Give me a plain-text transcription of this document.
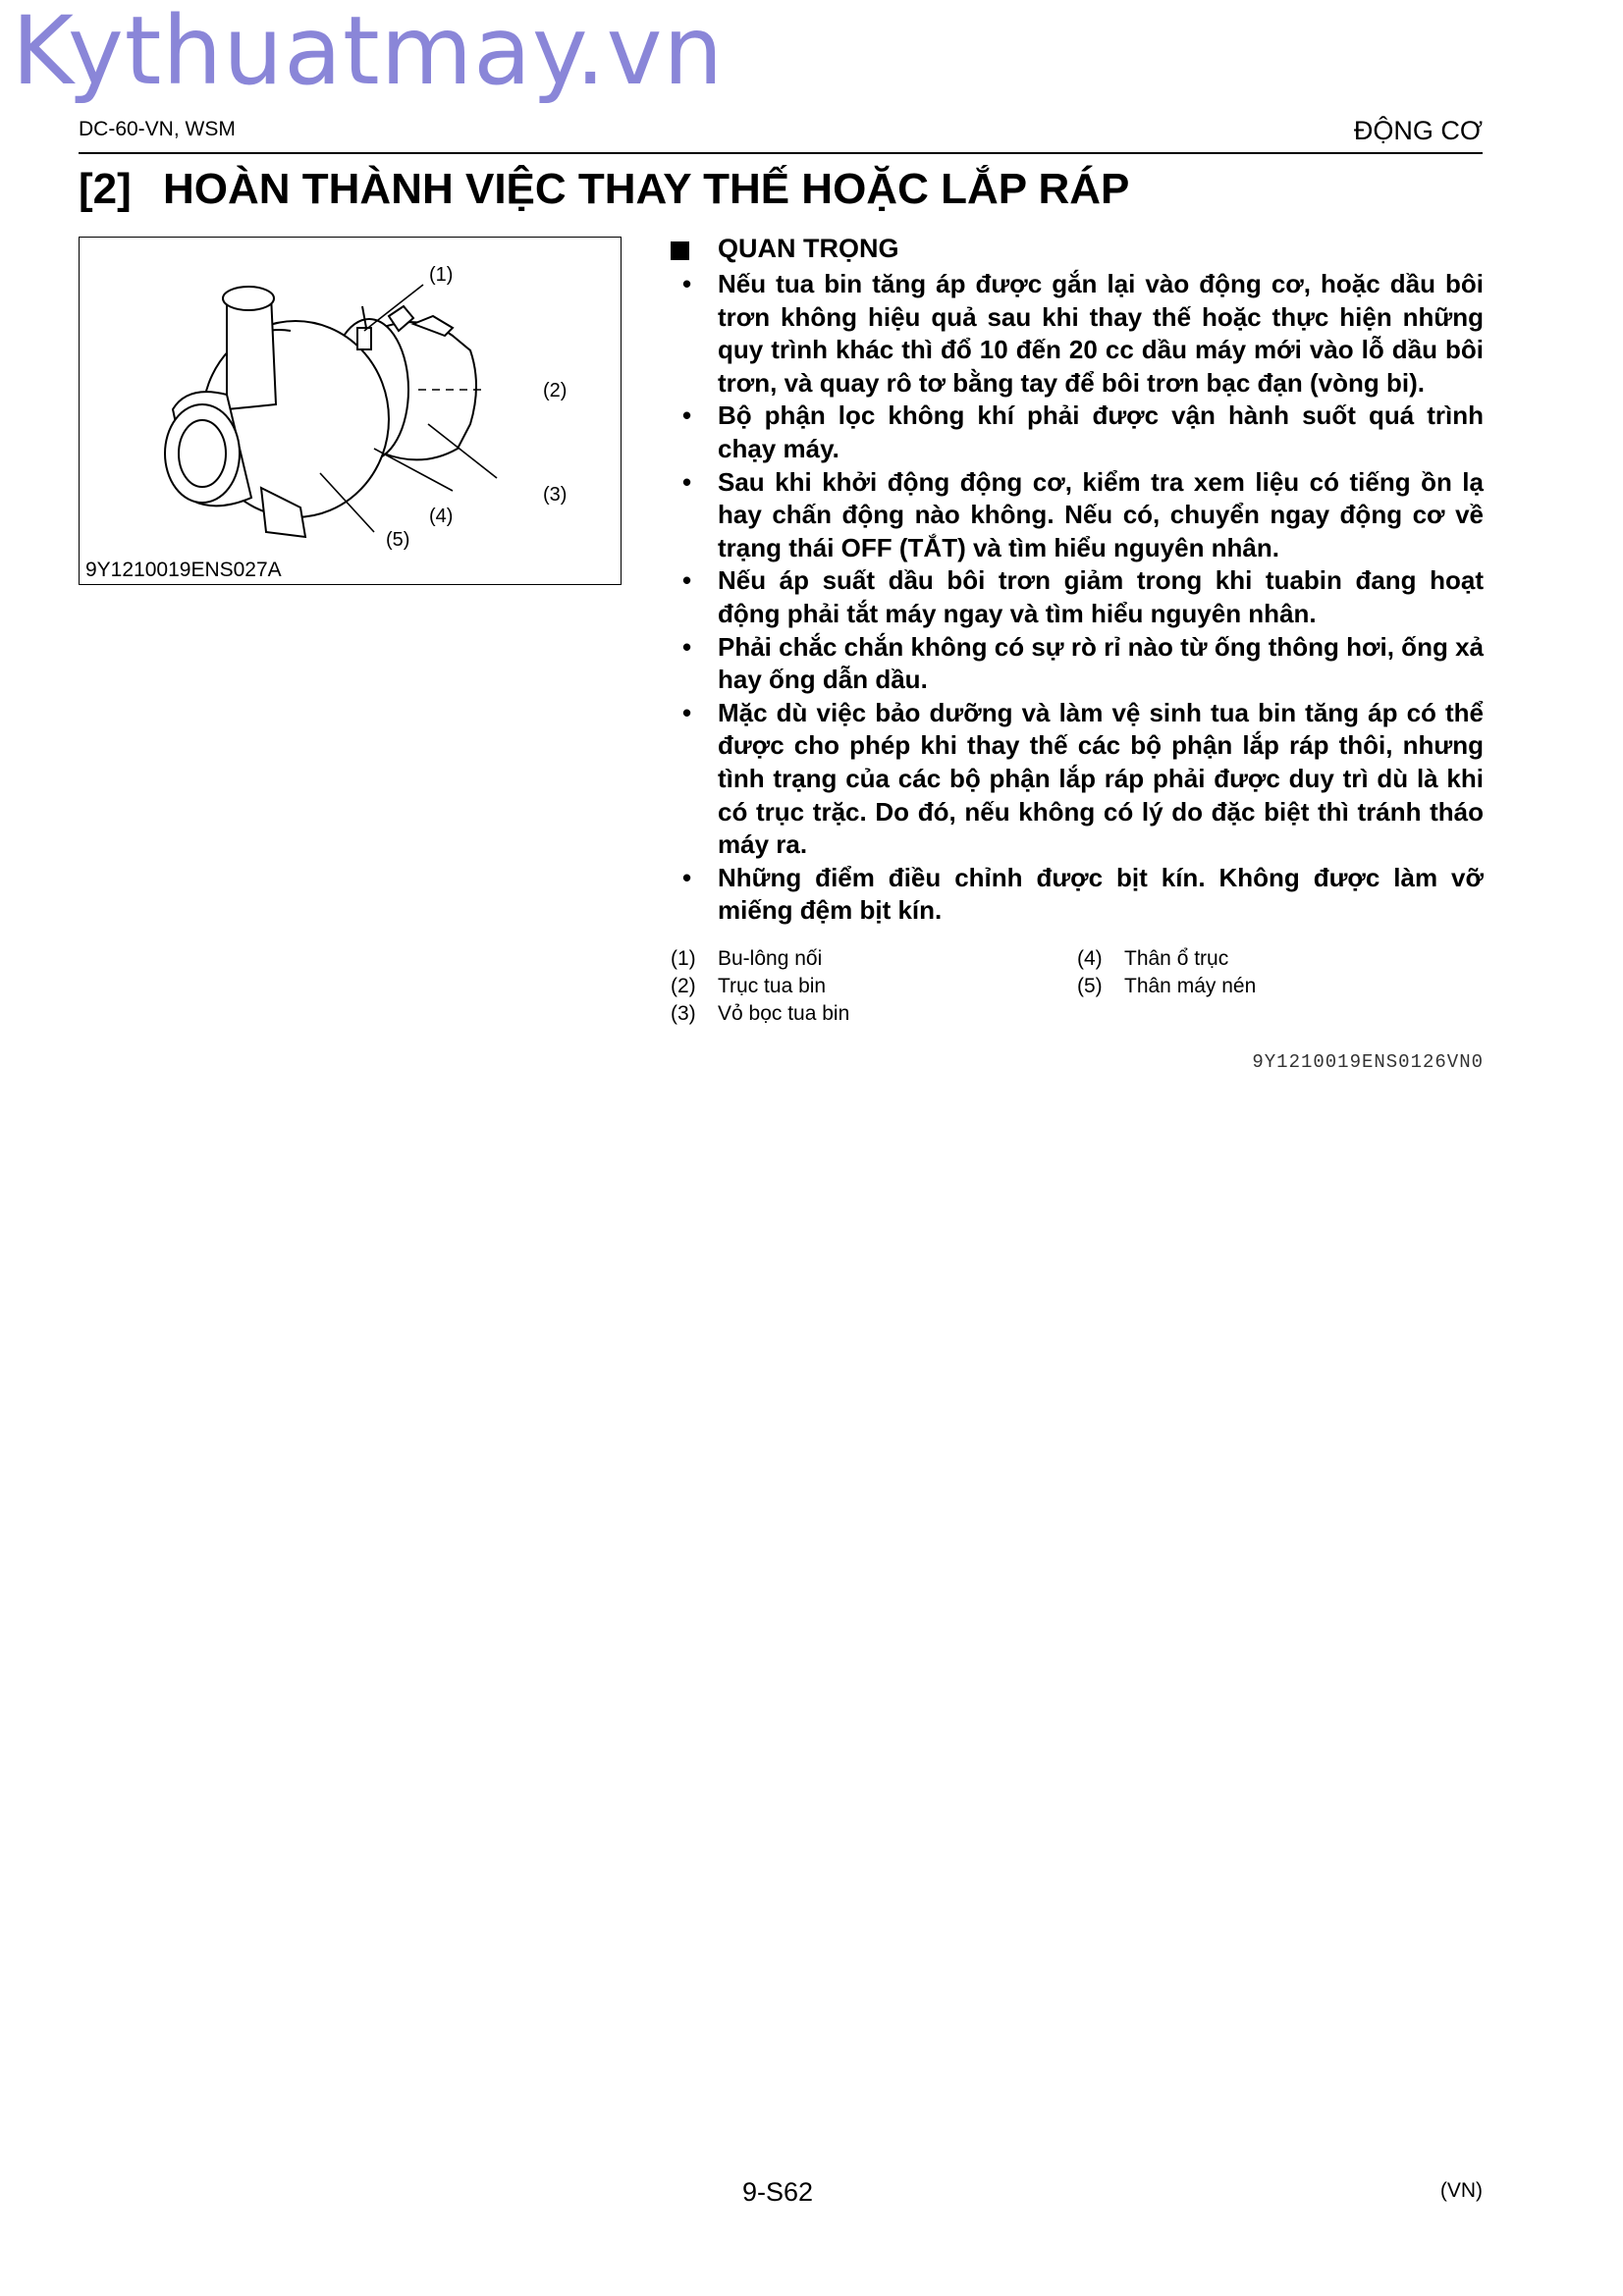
Kythuatmay.vn
DC-60-VN, WSM	ĐỘNG CƠ
[2] HOÀN THÀNH VIỆC THAY THẾ HOẶC LẮP RÁP
(1)
(2)
(3)
(4)
(5)
9Y1210019ENS027A
QUAN TRỌNG
• Nếu tua bin tăng áp được gắn lại vào động cơ, hoặc dầu bôi trơn không hiệu quả sau khi thay thế hoặc thực hiện những quy trình khác thì đổ 10 đến 20 cc dầu máy mới vào lỗ dầu bôi trơn, và quay rô tơ bằng tay để bôi trơn bạc đạn (vòng bi).
• Bộ phận lọc không khí phải được vận hành suốt quá trình chạy máy.
• Sau khi khởi động động cơ, kiểm tra xem liệu có tiếng ồn lạ hay chấn động nào không. Nếu có, chuyển ngay động cơ về trạng thái OFF (TẮT) và tìm hiểu nguyên nhân.
• Nếu áp suất dầu bôi trơn giảm trong khi tuabin đang hoạt động phải tắt máy ngay và tìm hiểu nguyên nhân.
• Phải chắc chắn không có sự rò rỉ nào từ ống thông hơi, ống xả hay ống dẫn dầu.
• Mặc dù việc bảo dưỡng và làm vệ sinh tua bin tăng áp có thể được cho phép khi thay thế các bộ phận lắp ráp thôi, nhưng tình trạng của các bộ phận lắp ráp phải được duy trì dù là khi có trục trặc. Do đó, nếu không có lý do đặc biệt thì tránh tháo máy ra.
• Những điểm điều chỉnh được bịt kín. Không được làm vỡ miếng đệm bịt kín.
(1) Bu-lông nối	(4) Thân ổ trục
(2) Trục tua bin	(5) Thân máy nén
(3) Vỏ bọc tua bin
9Y1210019ENS0126VN0
9-S62	(VN)
